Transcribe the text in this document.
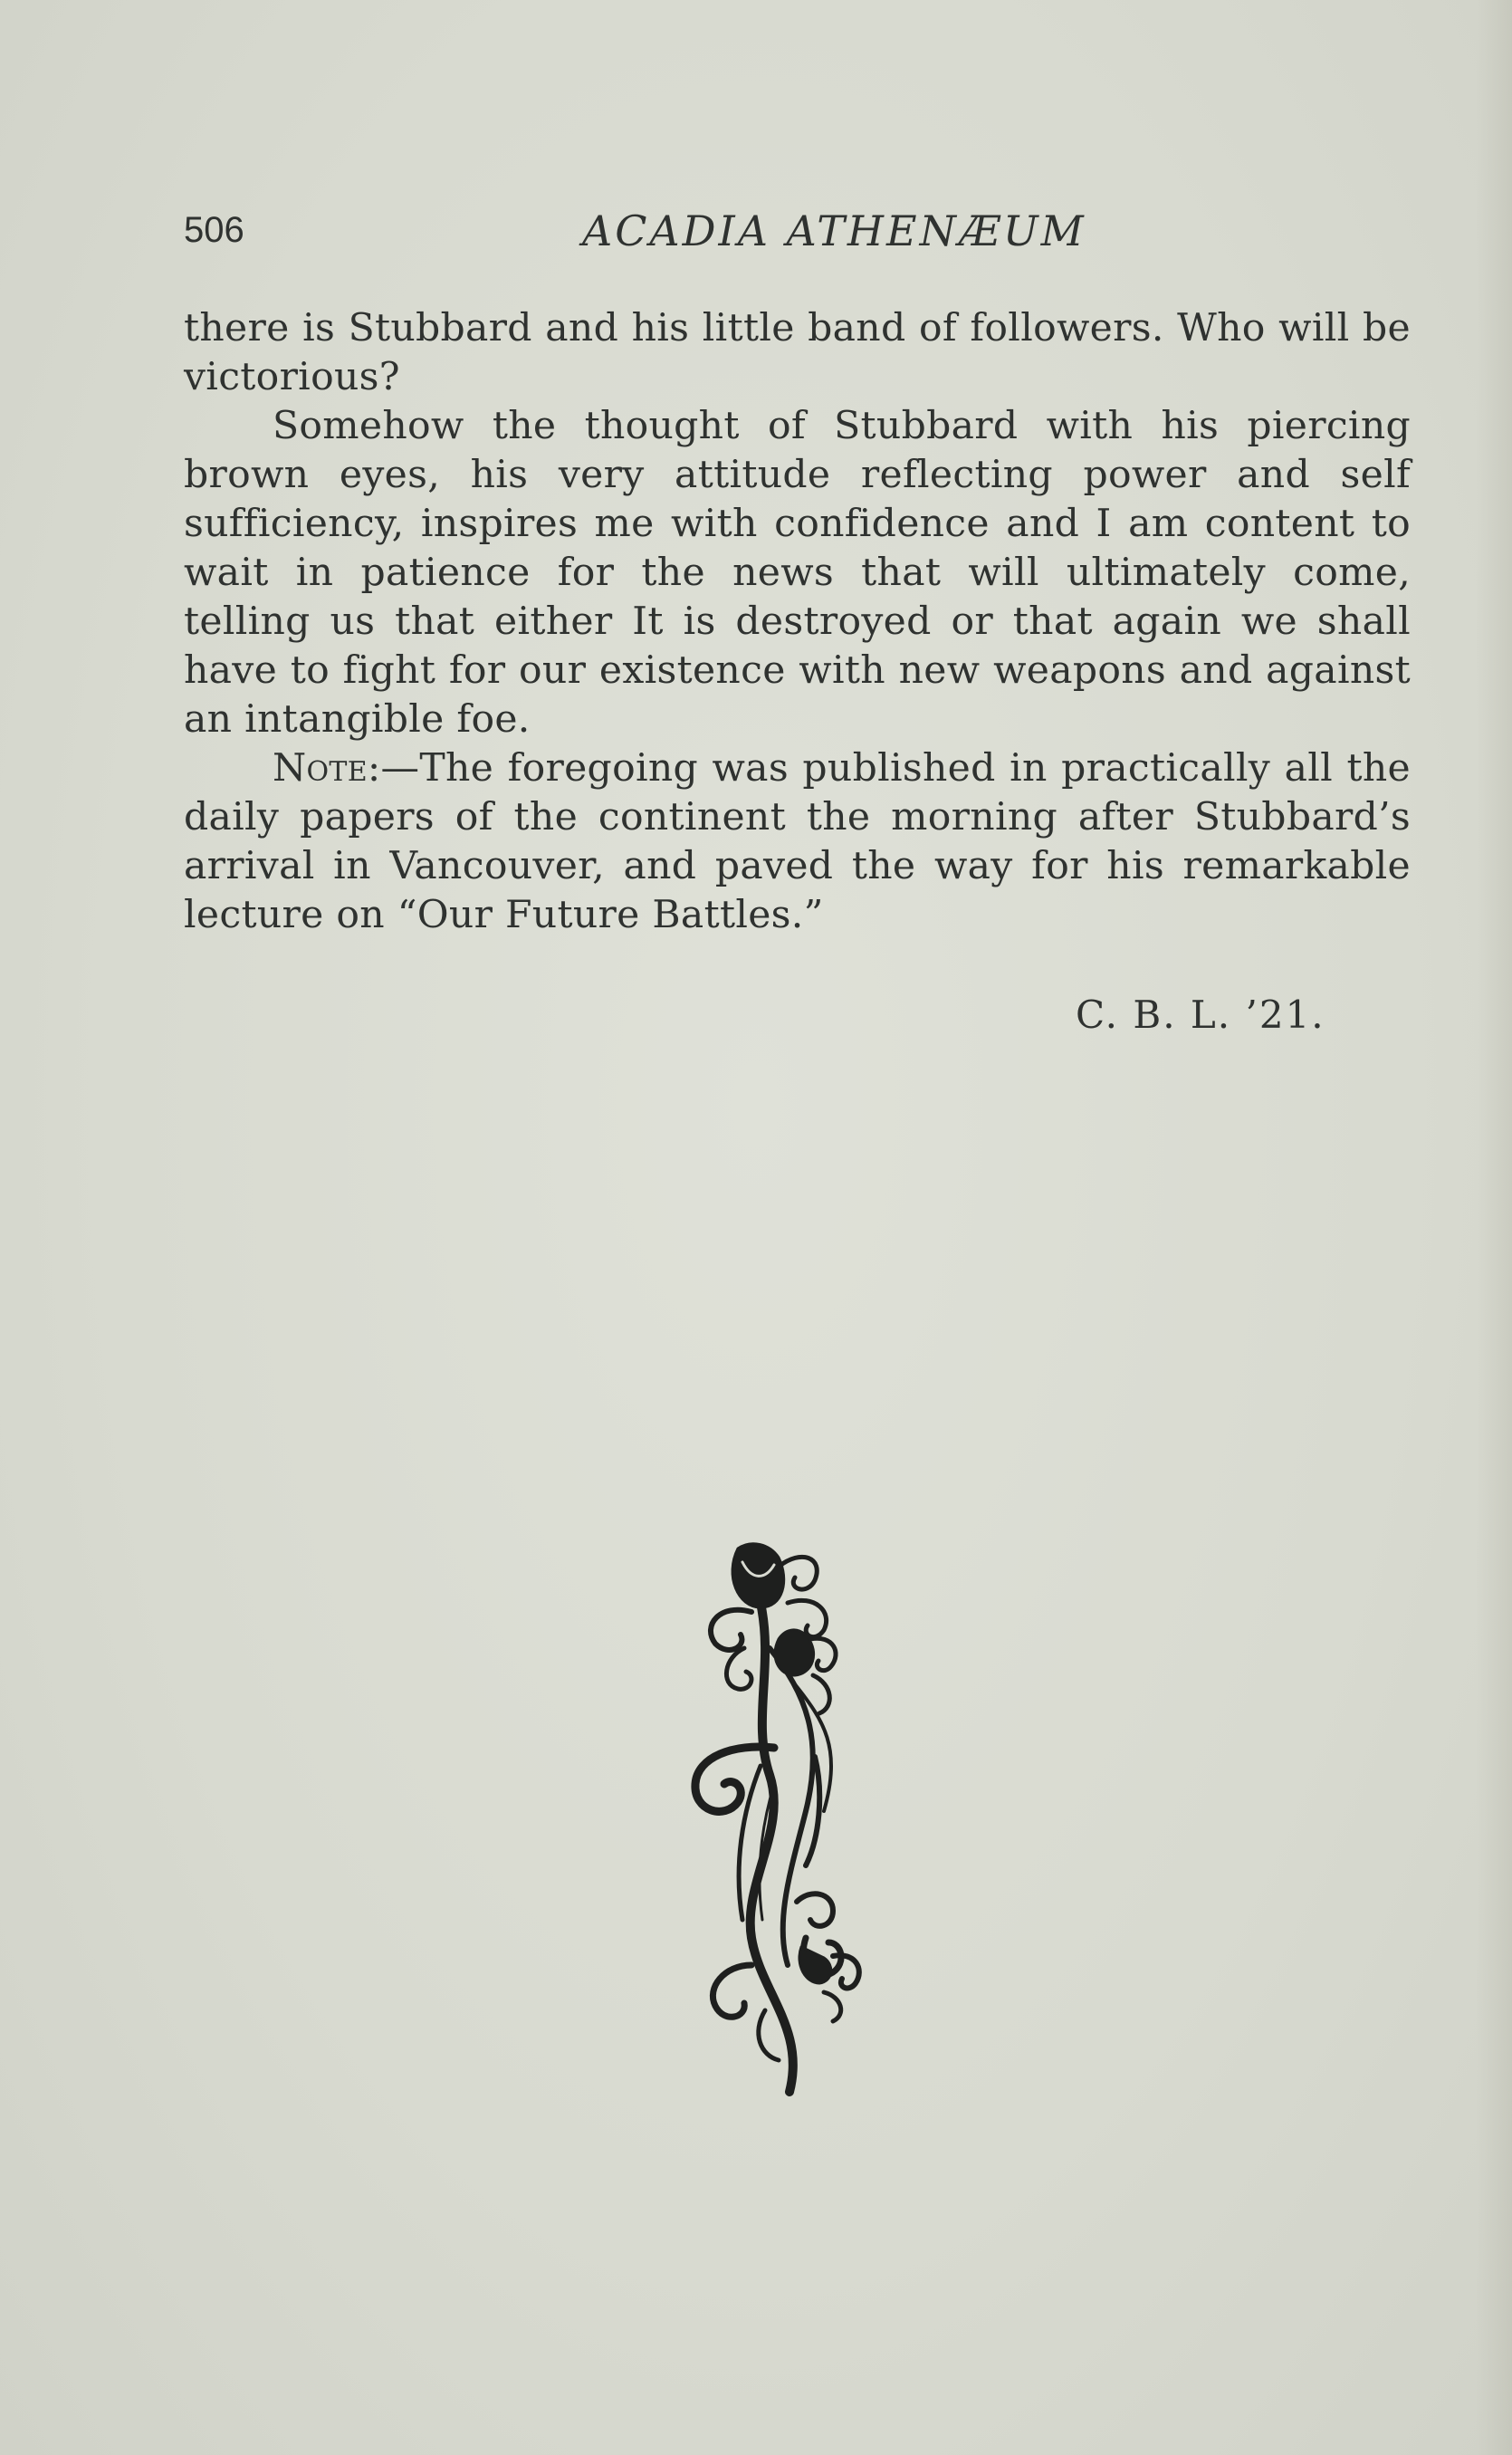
506	ACADIA ATHENÆUM

there is Stubbard and his little band of followers. Who will be victorious?

Somehow the thought of Stubbard with his piercing brown eyes, his very attitude reflecting power and self sufficiency, inspires me with confidence and I am content to wait in patience for the news that will ultimately come, telling us that either It is destroyed or that again we shall have to fight for our existence with new weapons and against an intangible foe.

Note:—The foregoing was published in practically all the daily papers of the continent the morning after Stubbard’s arrival in Vancouver, and paved the way for his remarkable lecture on “Our Future Battles.”

C. B. L. ’21.
